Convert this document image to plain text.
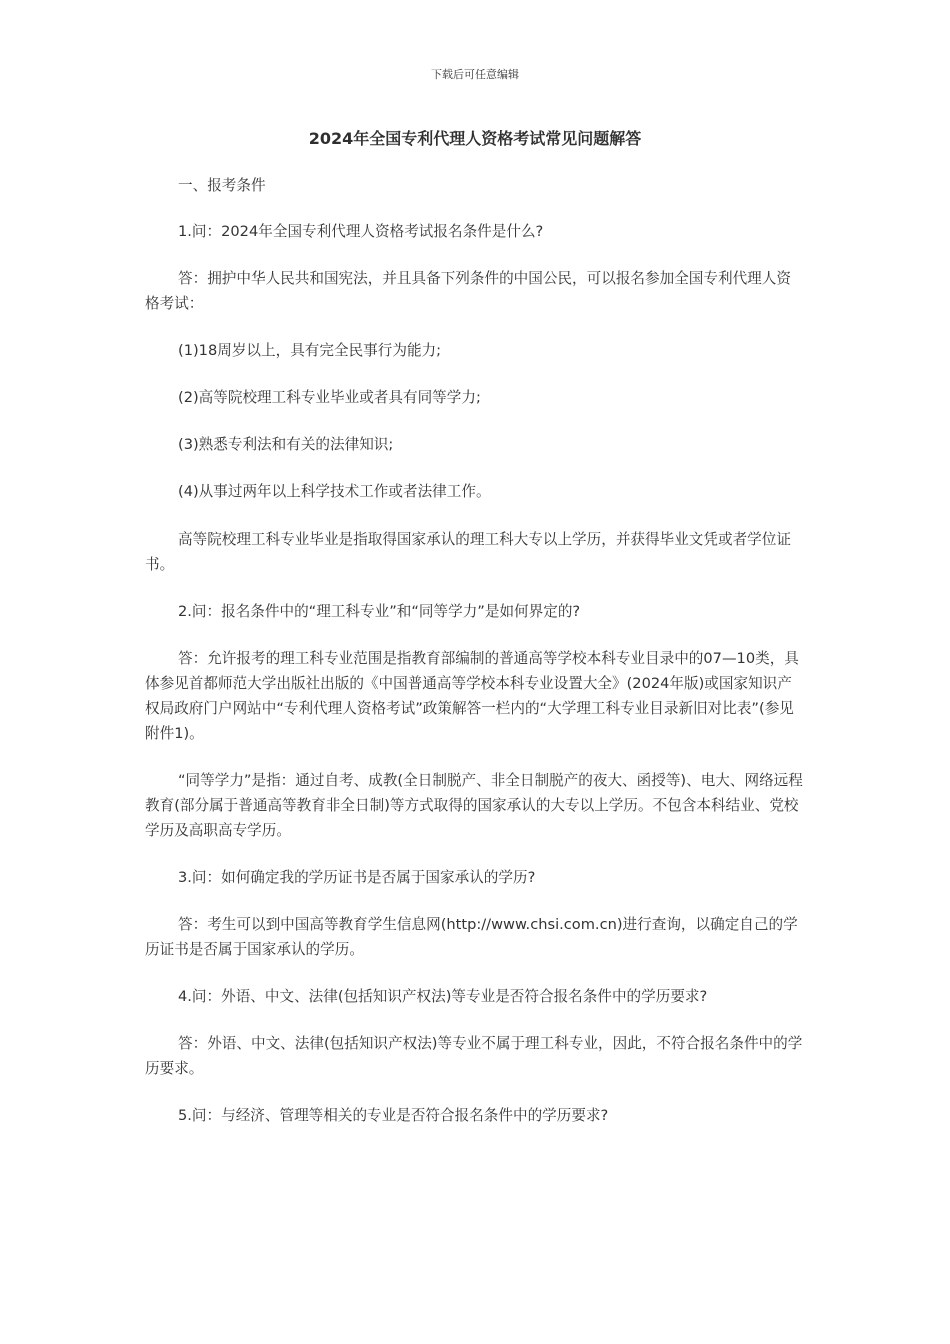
下载后可任意编辑
2024年全国专利代理人资格考试常见问题解答
一、报考条件
1.问：2024年全国专利代理人资格考试报名条件是什么?
答：拥护中华人民共和国宪法，并且具备下列条件的中国公民，可以报名参加全国专利代理人资格考试：
(1)18周岁以上，具有完全民事行为能力;
(2)高等院校理工科专业毕业或者具有同等学力;
(3)熟悉专利法和有关的法律知识;
(4)从事过两年以上科学技术工作或者法律工作。
高等院校理工科专业毕业是指取得国家承认的理工科大专以上学历，并获得毕业文凭或者学位证书。
2.问：报名条件中的“理工科专业”和“同等学力”是如何界定的?
答：允许报考的理工科专业范围是指教育部编制的普通高等学校本科专业目录中的07—10类，具体参见首都师范大学出版社出版的《中国普通高等学校本科专业设置大全》(2024年版)或国家知识产权局政府门户网站中“专利代理人资格考试”政策解答一栏内的“大学理工科专业目录新旧对比表”(参见附件1)。
“同等学力”是指：通过自考、成教(全日制脱产、非全日制脱产的夜大、函授等)、电大、网络远程教育(部分属于普通高等教育非全日制)等方式取得的国家承认的大专以上学历。不包含本科结业、党校学历及高职高专学历。
3.问：如何确定我的学历证书是否属于国家承认的学历?
答：考生可以到中国高等教育学生信息网(http://www.chsi.com.cn)进行查询，以确定自己的学历证书是否属于国家承认的学历。
4.问：外语、中文、法律(包括知识产权法)等专业是否符合报名条件中的学历要求?
答：外语、中文、法律(包括知识产权法)等专业不属于理工科专业，因此，不符合报名条件中的学历要求。
5.问：与经济、管理等相关的专业是否符合报名条件中的学历要求?
